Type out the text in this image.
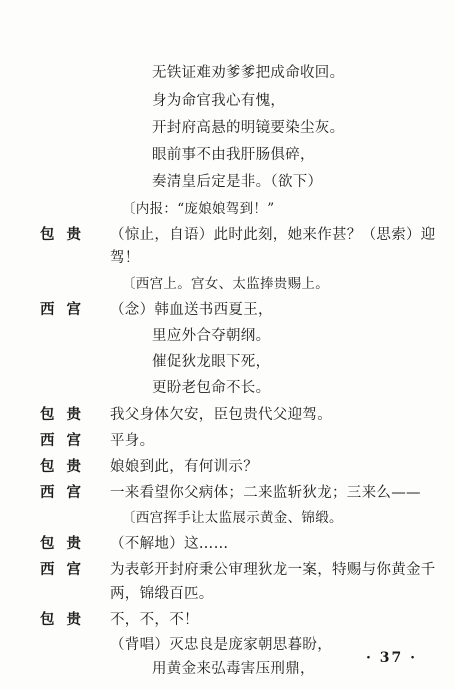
无铁证难劝爹爹把成命收回。
身为命官我心有愧，
开封府高悬的明镜要染尘灰。
眼前事不由我肝肠俱碎，
奏清皇后定是非。（欲下）
〔内报：“庞娘娘驾到！”
包贵 （惊止，自语）此时此刻，她来作甚？（思索）迎
驾！
〔西宫上。宫女、太监捧贵赐上。
西宫 （念）韩血送书西夏王，
里应外合夺朝纲。
催促狄龙眼下死，
更盼老包命不长。
包贵 我父身体欠安，臣包贵代父迎驾。
西宫 平身。
包贵 娘娘到此，有何训示？
西宫 一来看望你父病体；二来监斩狄龙；三来么——
〔西宫挥手让太监展示黄金、锦缎。
包贵 （不解地）这……
西宫 为表彰开封府秉公审理狄龙一案，特赐与你黄金千
两，锦缎百匹。
包贵 不，不，不！
（背唱）灭忠良是庞家朝思暮盼，
用黄金来弘毒害压刑鼎，
· 37 ·
